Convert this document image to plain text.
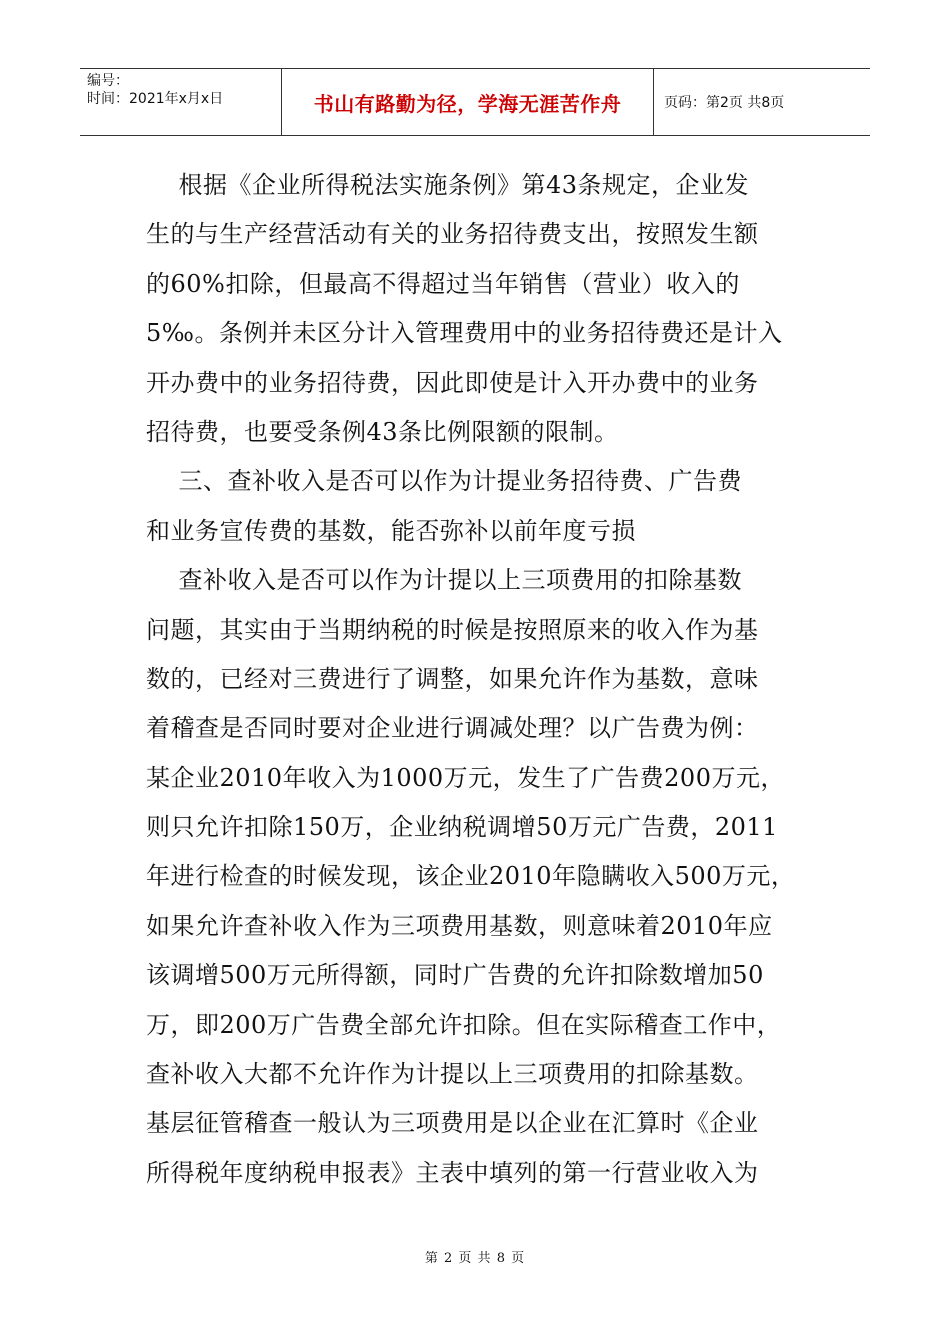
编号：
时间：2021年x月x日	书山有路勤为径，学海无涯苦作舟	页码：第2页 共8页
根据《企业所得税法实施条例》第43条规定，企业发
生的与生产经营活动有关的业务招待费支出，按照发生额
的60%扣除，但最高不得超过当年销售（营业）收入的
5‰。条例并未区分计入管理费用中的业务招待费还是计入
开办费中的业务招待费，因此即使是计入开办费中的业务
招待费，也要受条例43条比例限额的限制。
三、查补收入是否可以作为计提业务招待费、广告费
和业务宣传费的基数，能否弥补以前年度亏损
查补收入是否可以作为计提以上三项费用的扣除基数
问题，其实由于当期纳税的时候是按照原来的收入作为基
数的，已经对三费进行了调整，如果允许作为基数，意味
着稽查是否同时要对企业进行调减处理？以广告费为例：
某企业2010年收入为1000万元，发生了广告费200万元，
则只允许扣除150万，企业纳税调增50万元广告费，2011
年进行检查的时候发现，该企业2010年隐瞒收入500万元，
如果允许查补收入作为三项费用基数，则意味着2010年应
该调增500万元所得额，同时广告费的允许扣除数增加50
万，即200万广告费全部允许扣除。但在实际稽查工作中，
查补收入大都不允许作为计提以上三项费用的扣除基数。
基层征管稽查一般认为三项费用是以企业在汇算时《企业
所得税年度纳税申报表》主表中填列的第一行营业收入为
第 2 页 共 8 页
